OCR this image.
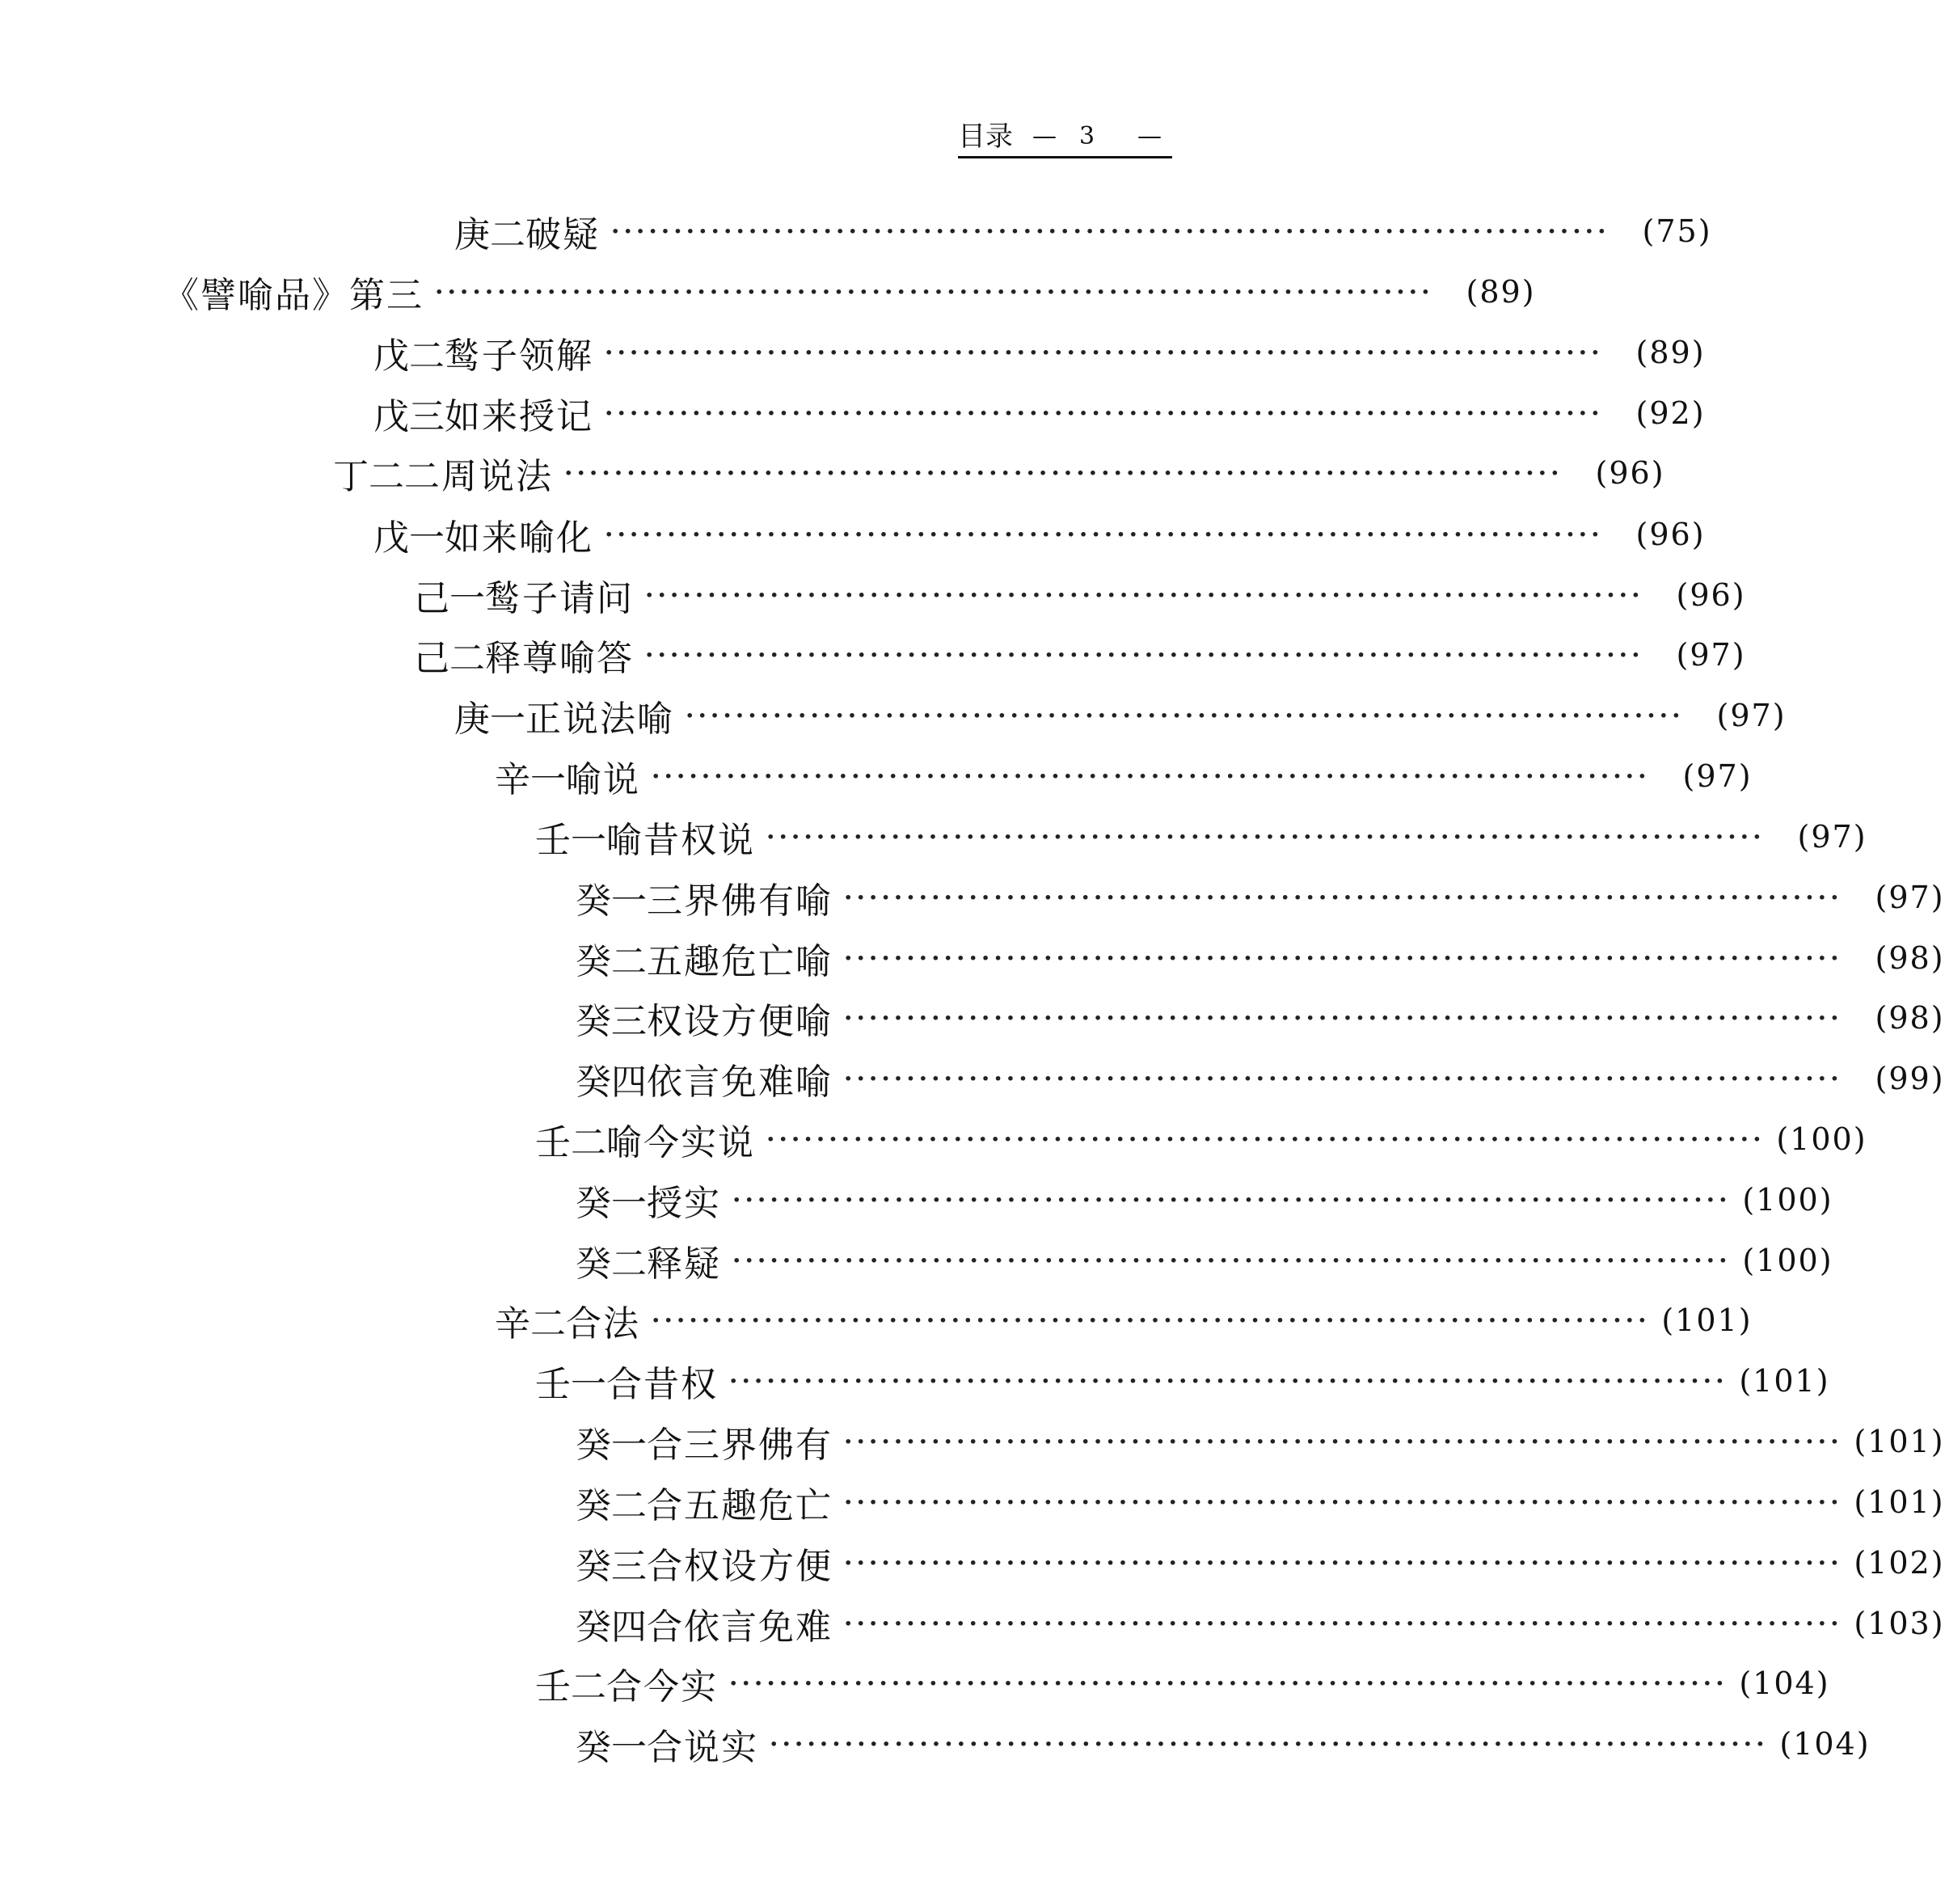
目录 — 3 —
庚二 破疑 ················································································	(75)
《譬喻品》第三 ················································································	(89)
戊二 鹙子领解 ················································································	(89)
戊三 如来授记 ················································································	(92)
丁二 二周说法 ················································································	(96)
戊一 如来喻化 ················································································	(96)
己一 鹙子请问 ················································································	(96)
己二 释尊喻答 ················································································	(97)
庚一 正说法喻 ················································································	(97)
辛一 喻说 ················································································	(97)
壬一 喻昔权说 ················································································	(97)
癸一 三界佛有喻 ················································································	(97)
癸二 五趣危亡喻 ················································································	(98)
癸三 权设方便喻 ················································································	(98)
癸四 依言免难喻 ················································································	(99)
壬二 喻今实说 ················································································ (100)
癸一 授实 ················································································ (100)
癸二 释疑 ················································································ (100)
辛二 合法 ················································································ (101)
壬一 合昔权 ················································································ (101)
癸一 合三界佛有 ················································································ (101)
癸二 合五趣危亡 ················································································ (101)
癸三 合权设方便 ················································································ (102)
癸四 合依言免难 ················································································ (103)
壬二 合今实 ················································································ (104)
癸一 合说实 ················································································ (104)
